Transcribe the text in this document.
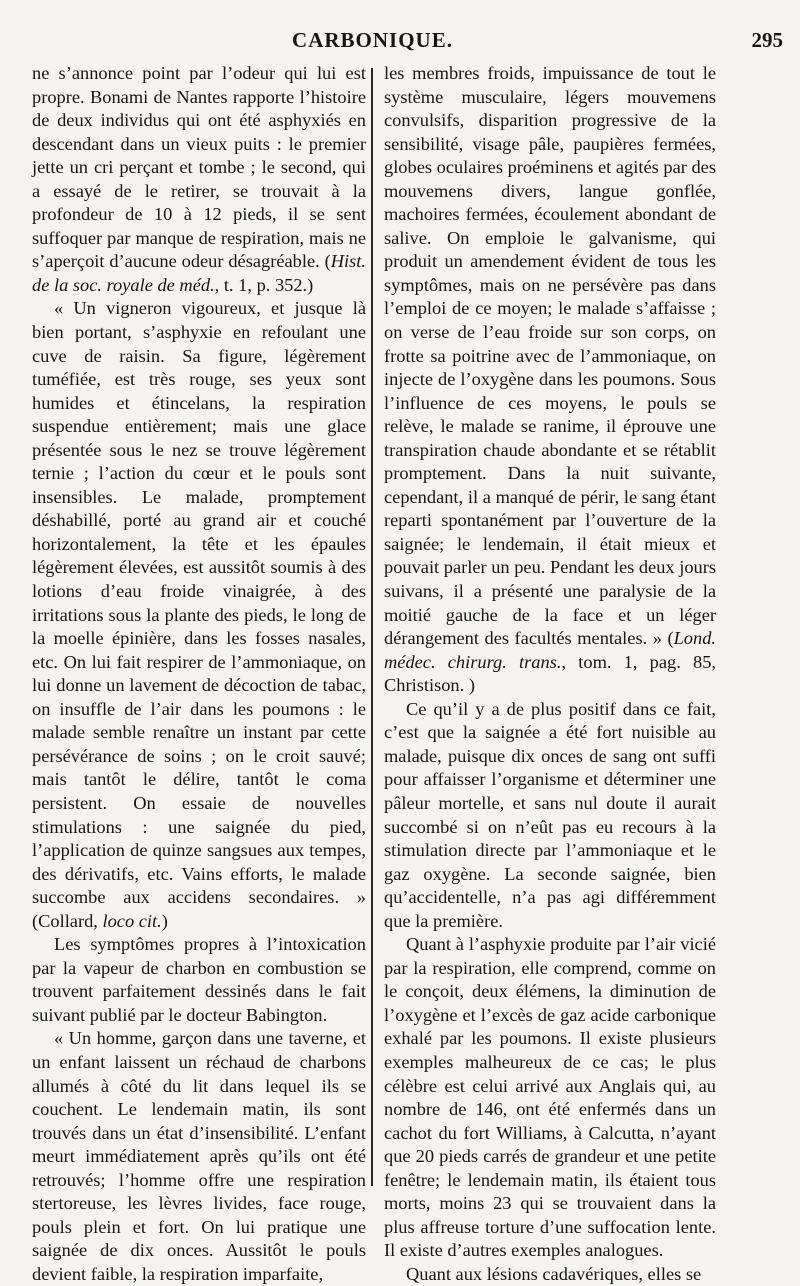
CARBONIQUE.	295

ne s’annonce point par l’odeur qui lui est propre. Bonami de Nantes rapporte l’histoire de deux individus qui ont été asphyxiés en descendant dans un vieux puits : le premier jette un cri perçant et tombe ; le second, qui a essayé de le retirer, se trouvait à la profondeur de 10 à 12 pieds, il se sent suffoquer par manque de respiration, mais ne s’aperçoit d’aucune odeur désagréable. (Hist. de la soc. royale de méd., t. 1, p. 352.)

« Un vigneron vigoureux, et jusque là bien portant, s’asphyxie en refoulant une cuve de raisin. Sa figure, légèrement tuméfiée, est très rouge, ses yeux sont humides et étincelans, la respiration suspendue entièrement; mais une glace présentée sous le nez se trouve légèrement ternie ; l’action du cœur et le pouls sont insensibles. Le malade, promptement déshabillé, porté au grand air et couché horizontalement, la tête et les épaules légèrement élevées, est aussitôt soumis à des lotions d’eau froide vinaigrée, à des irritations sous la plante des pieds, le long de la moelle épinière, dans les fosses nasales, etc. On lui fait respirer de l’ammoniaque, on lui donne un lavement de décoction de tabac, on insuffle de l’air dans les poumons : le malade semble renaître un instant par cette persévérance de soins ; on le croit sauvé; mais tantôt le délire, tantôt le coma persistent. On essaie de nouvelles stimulations : une saignée du pied, l’application de quinze sangsues aux tempes, des dérivatifs, etc. Vains efforts, le malade succombe aux accidens secondaires. » (Collard, loco cit.)

Les symptômes propres à l’intoxication par la vapeur de charbon en combustion se trouvent parfaitement dessinés dans le fait suivant publié par le docteur Babington.

« Un homme, garçon dans une taverne, et un enfant laissent un réchaud de charbons allumés à côté du lit dans lequel ils se couchent. Le lendemain matin, ils sont trouvés dans un état d’insensibilité. L’enfant meurt immédiatement après qu’ils ont été retrouvés; l’homme offre une respiration stertoreuse, les lèvres livides, face rouge, pouls plein et fort. On lui pratique une saignée de dix onces. Aussitôt le pouls devient faible, la respiration imparfaite,

les membres froids, impuissance de tout le système musculaire, légers mouvemens convulsifs, disparition progressive de la sensibilité, visage pâle, paupières fermées, globes oculaires proéminens et agités par des mouvemens divers, langue gonflée, machoires fermées, écoulement abondant de salive. On emploie le galvanisme, qui produit un amendement évident de tous les symptômes, mais on ne persévère pas dans l’emploi de ce moyen; le malade s’affaisse ; on verse de l’eau froide sur son corps, on frotte sa poitrine avec de l’ammoniaque, on injecte de l’oxygène dans les poumons. Sous l’influence de ces moyens, le pouls se relève, le malade se ranime, il éprouve une transpiration chaude abondante et se rétablit promptement. Dans la nuit suivante, cependant, il a manqué de périr, le sang étant reparti spontanément par l’ouverture de la saignée; le lendemain, il était mieux et pouvait parler un peu. Pendant les deux jours suivans, il a présenté une paralysie de la moitié gauche de la face et un léger dérangement des facultés mentales. » (Lond. médec. chirurg. trans., tom. 1, pag. 85, Christison. )

Ce qu’il y a de plus positif dans ce fait, c’est que la saignée a été fort nuisible au malade, puisque dix onces de sang ont suffi pour affaisser l’organisme et déterminer une pâleur mortelle, et sans nul doute il aurait succombé si on n’eût pas eu recours à la stimulation directe par l’ammoniaque et le gaz oxygène. La seconde saignée, bien qu’accidentelle, n’a pas agi différemment que la première.

Quant à l’asphyxie produite par l’air vicié par la respiration, elle comprend, comme on le conçoit, deux élémens, la diminution de l’oxygène et l’excès de gaz acide carbonique exhalé par les poumons. Il existe plusieurs exemples malheureux de ce cas; le plus célèbre est celui arrivé aux Anglais qui, au nombre de 146, ont été enfermés dans un cachot du fort Williams, à Calcutta, n’ayant que 20 pieds carrés de grandeur et une petite fenêtre; le lendemain matin, ils étaient tous morts, moins 23 qui se trouvaient dans la plus affreuse torture d’une suffocation lente. Il existe d’autres exemples analogues.

Quant aux lésions cadavériques, elles se
